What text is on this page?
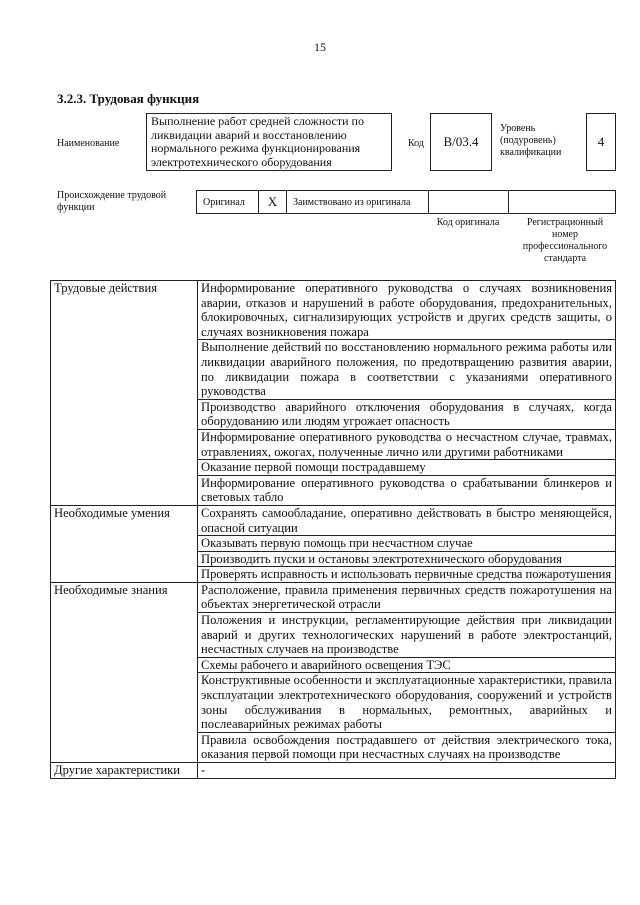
15
3.2.3. Трудовая функция
Наименование
Выполнение работ средней сложности по ликвидации аварий и восстановлению нормального режима функционирования электротехнического оборудования
Код В/03.4
Уровень (подуровень) квалификации
4
Происхождение трудовой функции	Оригинал X Заимствовано из оригинала
Код оригинала	Регистрационный номер профессионального стандарта
Трудовые действия	Информирование оперативного руководства о случаях возникновения аварии, отказов и нарушений в работе оборудования, предохранительных, блокировочных, сигнализирующих устройств и других средств защиты, о случаях возникновения пожара
	Выполнение действий по восстановлению нормального режима работы или ликвидации аварийного положения, по предотвращению развития аварии, по ликвидации пожара в соответствии с указаниями оперативного руководства
	Производство аварийного отключения оборудования в случаях, когда оборудованию или людям угрожает опасность
	Информирование оперативного руководства о несчастном случае, травмах, отравлениях, ожогах, полученные лично или другими работниками
	Оказание первой помощи пострадавшему
	Информирование оперативного руководства о срабатывании блинкеров и световых табло
Необходимые умения	Сохранять самообладание, оперативно действовать в быстро меняющейся, опасной ситуации
	Оказывать первую помощь при несчастном случае
	Производить пуски и остановы электротехнического оборудования
	Проверять исправность и использовать первичные средства пожаротушения
Необходимые знания	Расположение, правила применения первичных средств пожаротушения на объектах энергетической отрасли
	Положения и инструкции, регламентирующие действия при ликвидации аварий и других технологических нарушений в работе электростанций, несчастных случаев на производстве
	Схемы рабочего и аварийного освещения ТЭС
	Конструктивные особенности и эксплуатационные характеристики, правила эксплуатации электротехнического оборудования, сооружений и устройств зоны обслуживания в нормальных, ремонтных, аварийных и послеаварийных режимах работы
	Правила освобождения пострадавшего от действия электрического тока, оказания первой помощи при несчастных случаях на производстве
Другие характеристики	-
